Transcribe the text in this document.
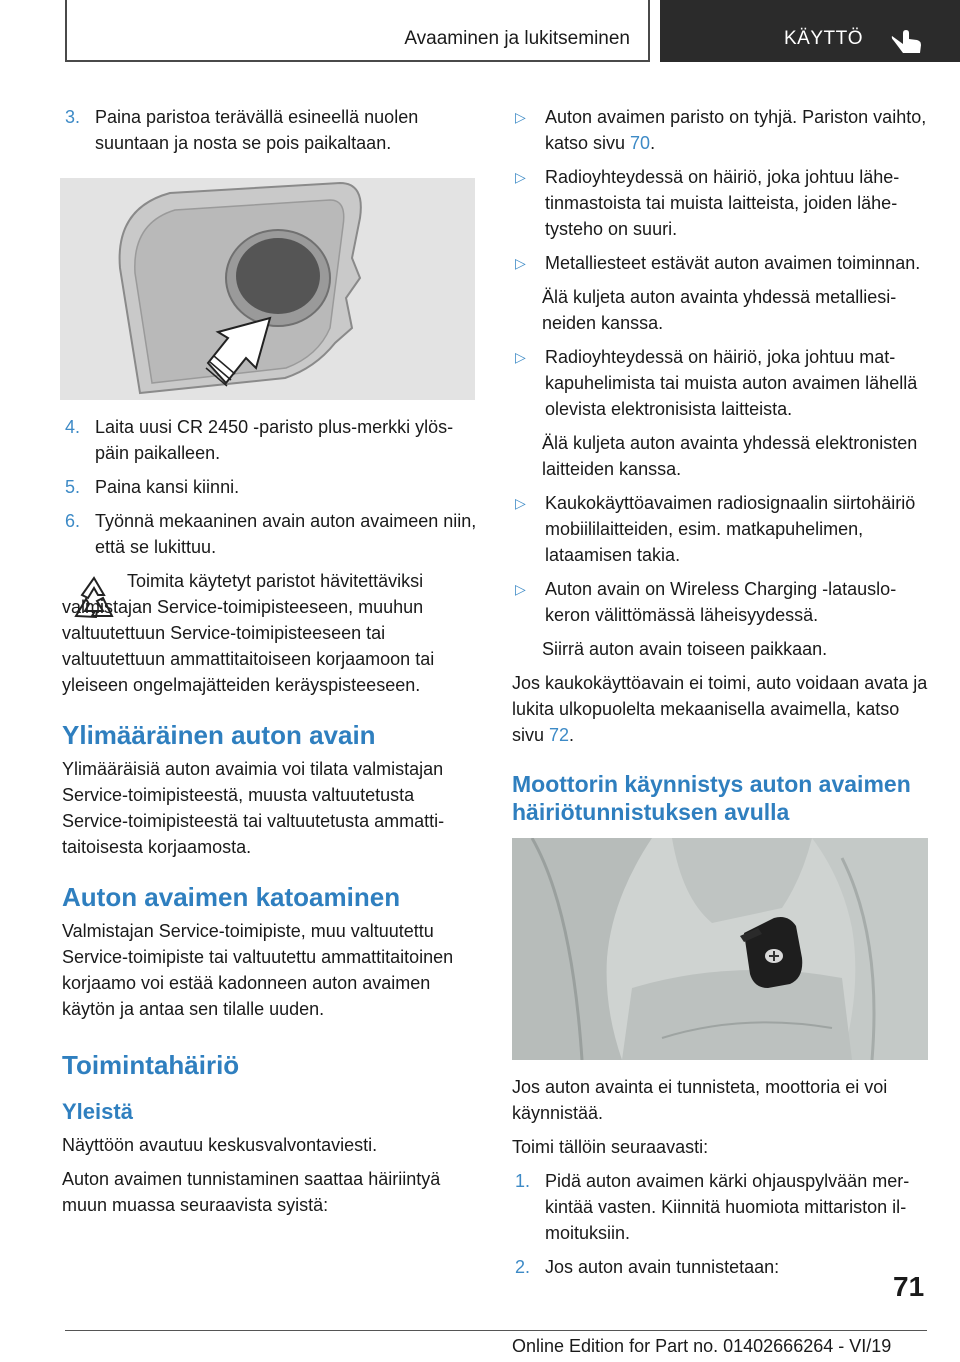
Avaaminen ja lukitseminen	KÄYTTÖ
3. Paina paristoa terävällä esineellä nuolen suuntaan ja nosta se pois paikaltaan.

4. Laita uusi CR 2450 -paristo plus-merkki ylöspäin paikalleen.

5. Paina kansi kiinni.

6. Työnnä mekaaninen avain auton avaimeen niin, että se lukittuu.

Toimita käytetyt paristot hävitettäviksi valmistajan Service-toimipisteeseen, muuhun valtuutettuun Service-toimipisteeseen tai valtuutettuun ammattitaitoiseen korjaamoon tai yleiseen ongelmajätteiden keräyspisteeseen.

Ylimääräinen auton avain

Ylimääräisiä auton avaimia voi tilata valmistajan Service-toimipisteestä, muusta valtuutetusta Service-toimipisteestä tai valtuutetusta ammattitaitoisesta korjaamosta.

Auton avaimen katoaminen

Valmistajan Service-toimipiste, muu valtuutettu Service-toimipiste tai valtuutettu ammattitaitoinen korjaamo voi estää kadonneen auton avaimen käytön ja antaa sen tilalle uuden.

Toimintahäiriö
Yleistä

Näyttöön avautuu keskusvalvontaviesti.

Auton avaimen tunnistaminen saattaa häiriintyä muun muassa seuraavista syistä:

▷ Auton avaimen paristo on tyhjä. Pariston vaihto, katso sivu 70.

▷ Radioyhteydessä on häiriö, joka johtuu lähetinmastoista tai muista laitteista, joiden lähetysteho on suuri.

▷ Metalliesteet estävät auton avaimen toiminnan.

Älä kuljeta auton avainta yhdessä metalliesineiden kanssa.

▷ Radioyhteydessä on häiriö, joka johtuu matkapuhelimista tai muista auton avaimen lähellä olevista elektronisista laitteista.

Älä kuljeta auton avainta yhdessä elektronisten laitteiden kanssa.

▷ Kaukokäyttöavaimen radiosignaalin siirtohäiriö mobiililaitteiden, esim. matkapuhelimen, lataamisen takia.

▷ Auton avain on Wireless Charging -latauslokeron välittömässä läheisyydessä.

Siirrä auton avain toiseen paikkaan.

Jos kaukokäyttöavain ei toimi, auto voidaan avata ja lukita ulkopuolelta mekaanisella avaimella, katso sivu 72.

Moottorin käynnistys auton avaimen häiriötunnistuksen avulla

Jos auton avainta ei tunnisteta, moottoria ei voi käynnistää.

Toimi tällöin seuraavasti:

1. Pidä auton avaimen kärki ohjauspylvään merkintää vasten. Kiinnitä huomiota mittariston ilmoituksiin.

2. Jos auton avain tunnistetaan:

71
Online Edition for Part no. 01402666264 - VI/19
